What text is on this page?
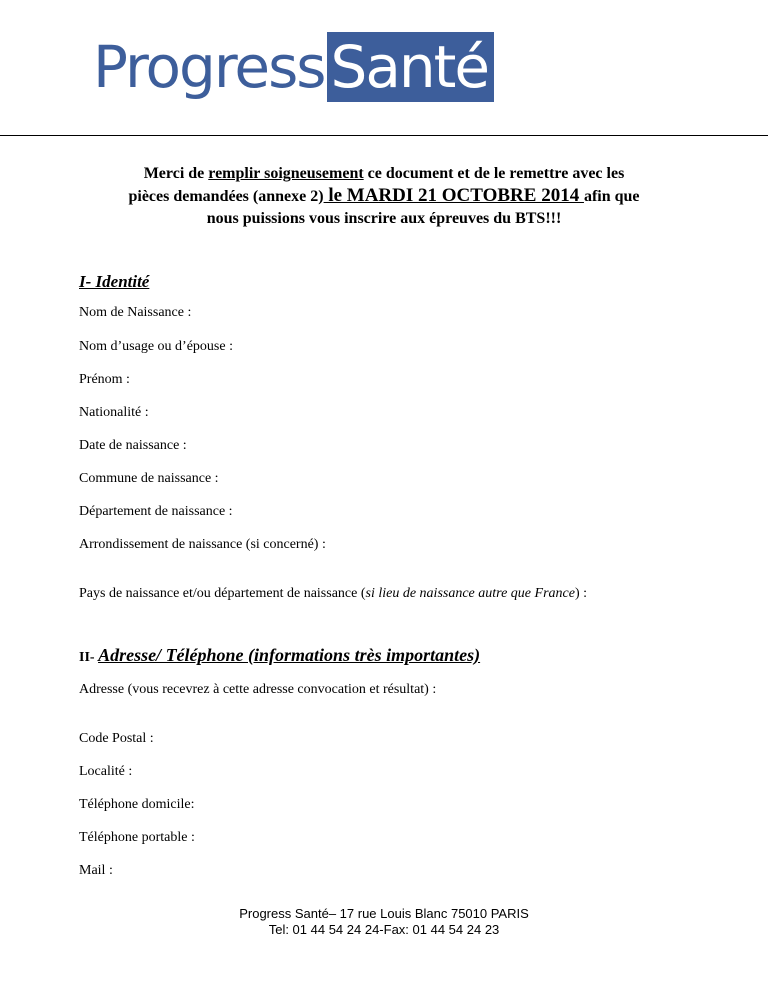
Progress Santé
Merci de remplir soigneusement ce document et de le remettre avec les
pièces demandées (annexe 2) le MARDI 21 OCTOBRE 2014 afin que
nous puissions vous inscrire aux épreuves du BTS!!!
I- Identité
Nom de Naissance :
Nom d’usage ou d’épouse :
Prénom :
Nationalité :
Date de naissance :
Commune de naissance :
Département de naissance :
Arrondissement de naissance (si concerné) :
Pays de naissance et/ou département de naissance (si lieu de naissance autre que France) :
II- Adresse/ Téléphone (informations très importantes)
Adresse (vous recevrez à cette adresse convocation et résultat) :
Code Postal :
Localité :
Téléphone domicile:
Téléphone portable :
Mail :
Progress Santé– 17 rue Louis Blanc 75010 PARIS
Tel: 01 44 54 24 24-Fax: 01 44 54 24 23
